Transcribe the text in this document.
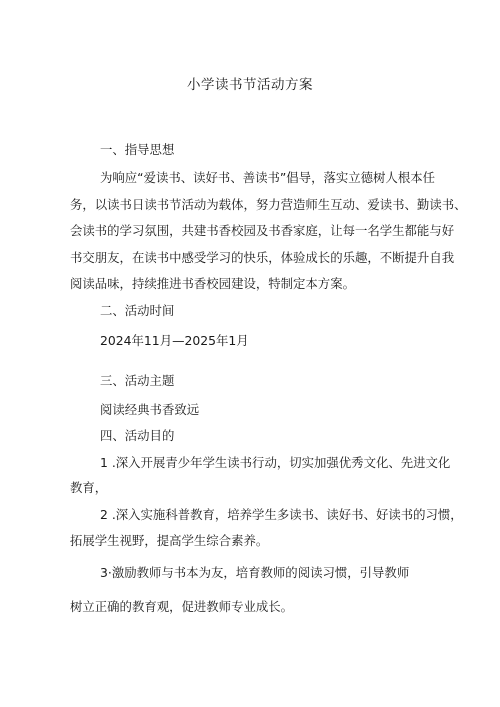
小学读书节活动方案
一、指导思想
为响应“爱读书、读好书、善读书”倡导，落实立德树人根本任
务，以读书日读书节活动为载体，努力营造师生互动、爱读书、勤读书、
会读书的学习氛围，共建书香校园及书香家庭，让每一名学生都能与好
书交朋友，在读书中感受学习的快乐，体验成长的乐趣，不断提升自我
阅读品味，持续推进书香校园建设，特制定本方案。
二、活动时间
2024年11月—2025年1月
三、活动主题
阅读经典书香致远
四、活动目的
1 .深入开展青少年学生读书行动，切实加强优秀文化、先进文化
教育，
2 .深入实施科普教育，培养学生多读书、读好书、好读书的习惯，
拓展学生视野，提高学生综合素养。
3 ·激励教师与书本为友，培育教师的阅读习惯，引导教师
树立正确的教育观，促进教师专业成长。
